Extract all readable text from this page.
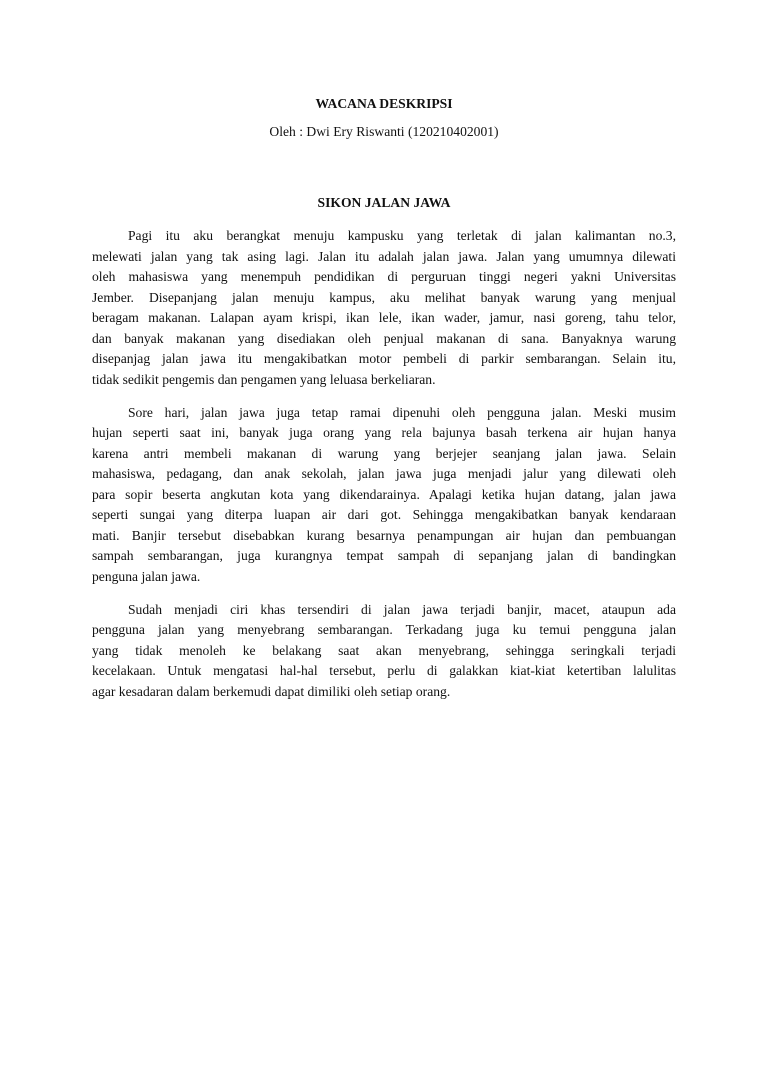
WACANA DESKRIPSI
Oleh : Dwi Ery Riswanti (120210402001)
SIKON JALAN JAWA
Pagi itu aku berangkat menuju kampusku yang terletak di jalan kalimantan no.3,
melewati jalan yang tak asing lagi. Jalan itu adalah jalan jawa. Jalan yang umumnya dilewati
oleh mahasiswa yang menempuh pendidikan di perguruan tinggi negeri yakni Universitas
Jember. Disepanjang jalan menuju kampus, aku melihat banyak warung yang menjual
beragam makanan. Lalapan ayam krispi, ikan lele, ikan wader, jamur, nasi goreng, tahu telor,
dan banyak makanan yang disediakan oleh penjual makanan di sana. Banyaknya warung
disepanjag jalan jawa itu mengakibatkan motor pembeli di parkir sembarangan. Selain itu,
tidak sedikit pengemis dan pengamen yang leluasa berkeliaran.
Sore hari, jalan jawa juga tetap ramai dipenuhi oleh pengguna jalan. Meski musim
hujan seperti saat ini, banyak juga orang yang rela bajunya basah terkena air hujan hanya
karena antri membeli makanan di warung yang berjejer seanjang jalan jawa. Selain
mahasiswa, pedagang, dan anak sekolah, jalan jawa juga menjadi jalur yang dilewati oleh
para sopir beserta angkutan kota yang dikendarainya. Apalagi ketika hujan datang, jalan jawa
seperti sungai yang diterpa luapan air dari got. Sehingga mengakibatkan banyak kendaraan
mati. Banjir tersebut disebabkan kurang besarnya penampungan air hujan dan pembuangan
sampah sembarangan, juga kurangnya tempat sampah di sepanjang jalan di bandingkan
penguna jalan jawa.
Sudah menjadi ciri khas tersendiri di jalan jawa terjadi banjir, macet, ataupun ada
pengguna jalan yang menyebrang sembarangan. Terkadang juga ku temui pengguna jalan
yang tidak menoleh ke belakang saat akan menyebrang, sehingga seringkali terjadi
kecelakaan. Untuk mengatasi hal-hal tersebut, perlu di galakkan kiat-kiat ketertiban lalulitas
agar kesadaran dalam berkemudi dapat dimiliki oleh setiap orang.
